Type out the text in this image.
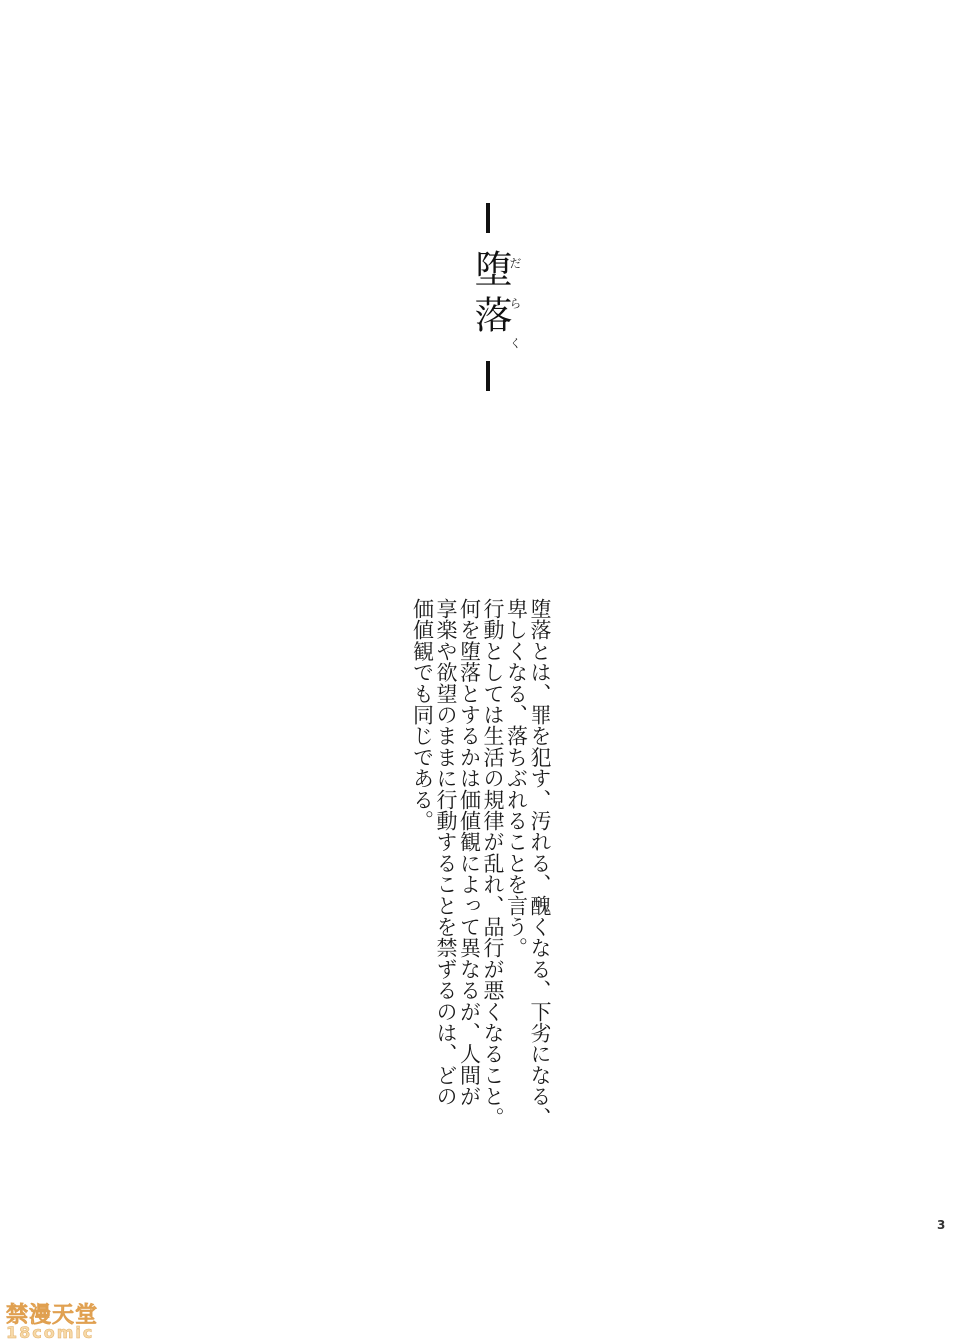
堕落
だらく
堕落とは、罪を犯す、汚れる、醜くなる、下劣になる、
卑しくなる、落ちぶれることを言う。
行動としては生活の規律が乱れ、品行が悪くなること。
何を堕落とするかは価値観によって異なるが、人間が
享楽や欲望のままに行動することを禁ずるのは、どの
価値観でも同じである。
3
禁漫天堂
18comic
